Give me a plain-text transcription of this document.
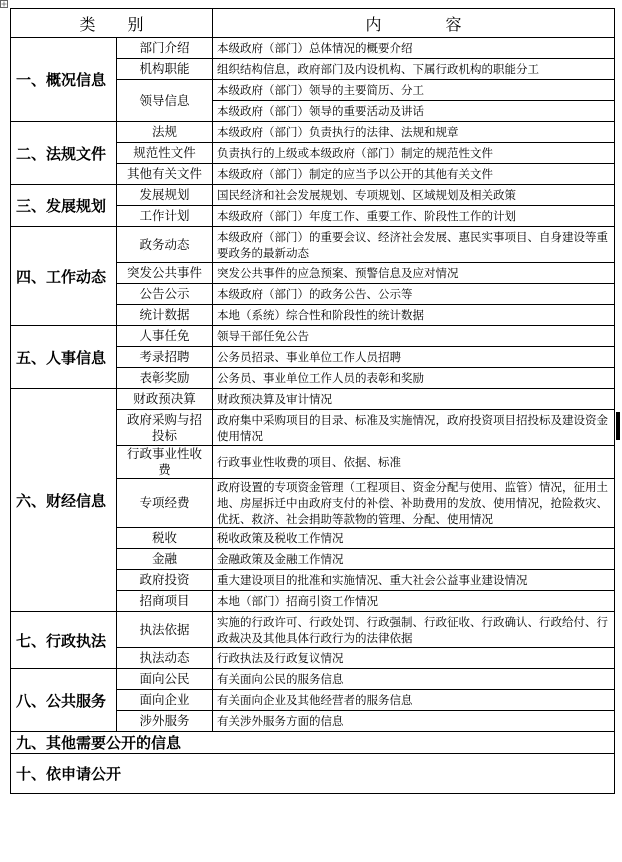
类　　别		内　　　　容
一、概况信息	部门介绍	本级政府（部门）总体情况的概要介绍
	机构职能	组织结构信息，政府部门及内设机构、下属行政机构的职能分工
	领导信息	本级政府（部门）领导的主要简历、分工
		本级政府（部门）领导的重要活动及讲话
二、法规文件	法规	本级政府（部门）负责执行的法律、法规和规章
	规范性文件	负责执行的上级或本级政府（部门）制定的规范性文件
	其他有关文件	本级政府（部门）制定的应当予以公开的其他有关文件
三、发展规划	发展规划	国民经济和社会发展规划、专项规划、区域规划及相关政策
	工作计划	本级政府（部门）年度工作、重要工作、阶段性工作的计划
四、工作动态	政务动态	本级政府（部门）的重要会议、经济社会发展、惠民实事项目、自身建设等重要政务的最新动态
	突发公共事件	突发公共事件的应急预案、预警信息及应对情况
	公告公示	本级政府（部门）的政务公告、公示等
	统计数据	本地（系统）综合性和阶段性的统计数据
五、人事信息	人事任免	领导干部任免公告
	考录招聘	公务员招录、事业单位工作人员招聘
	表彰奖励	公务员、事业单位工作人员的表彰和奖励
六、财经信息	财政预决算	财政预决算及审计情况
	政府采购与招投标	政府集中采购项目的目录、标准及实施情况，政府投资项目招投标及建设资金使用情况
	行政事业性收费	行政事业性收费的项目、依据、标准
	专项经费	政府设置的专项资金管理（工程项目、资金分配与使用、监管）情况，征用土地、房屋拆迁中由政府支付的补偿、补助费用的发放、使用情况，抢险救灾、优抚、救济、社会捐助等款物的管理、分配、使用情况
	税收	税收政策及税收工作情况
	金融	金融政策及金融工作情况
	政府投资	重大建设项目的批准和实施情况、重大社会公益事业建设情况
	招商项目	本地（部门）招商引资工作情况
七、行政执法	执法依据	实施的行政许可、行政处罚、行政强制、行政征收、行政确认、行政给付、行政裁决及其他具体行政行为的法律依据
	执法动态	行政执法及行政复议情况
八、公共服务	面向公民	有关面向公民的服务信息
	面向企业	有关面向企业及其他经营者的服务信息
	涉外服务	有关涉外服务方面的信息
九、其他需要公开的信息		
十、依申请公开		
